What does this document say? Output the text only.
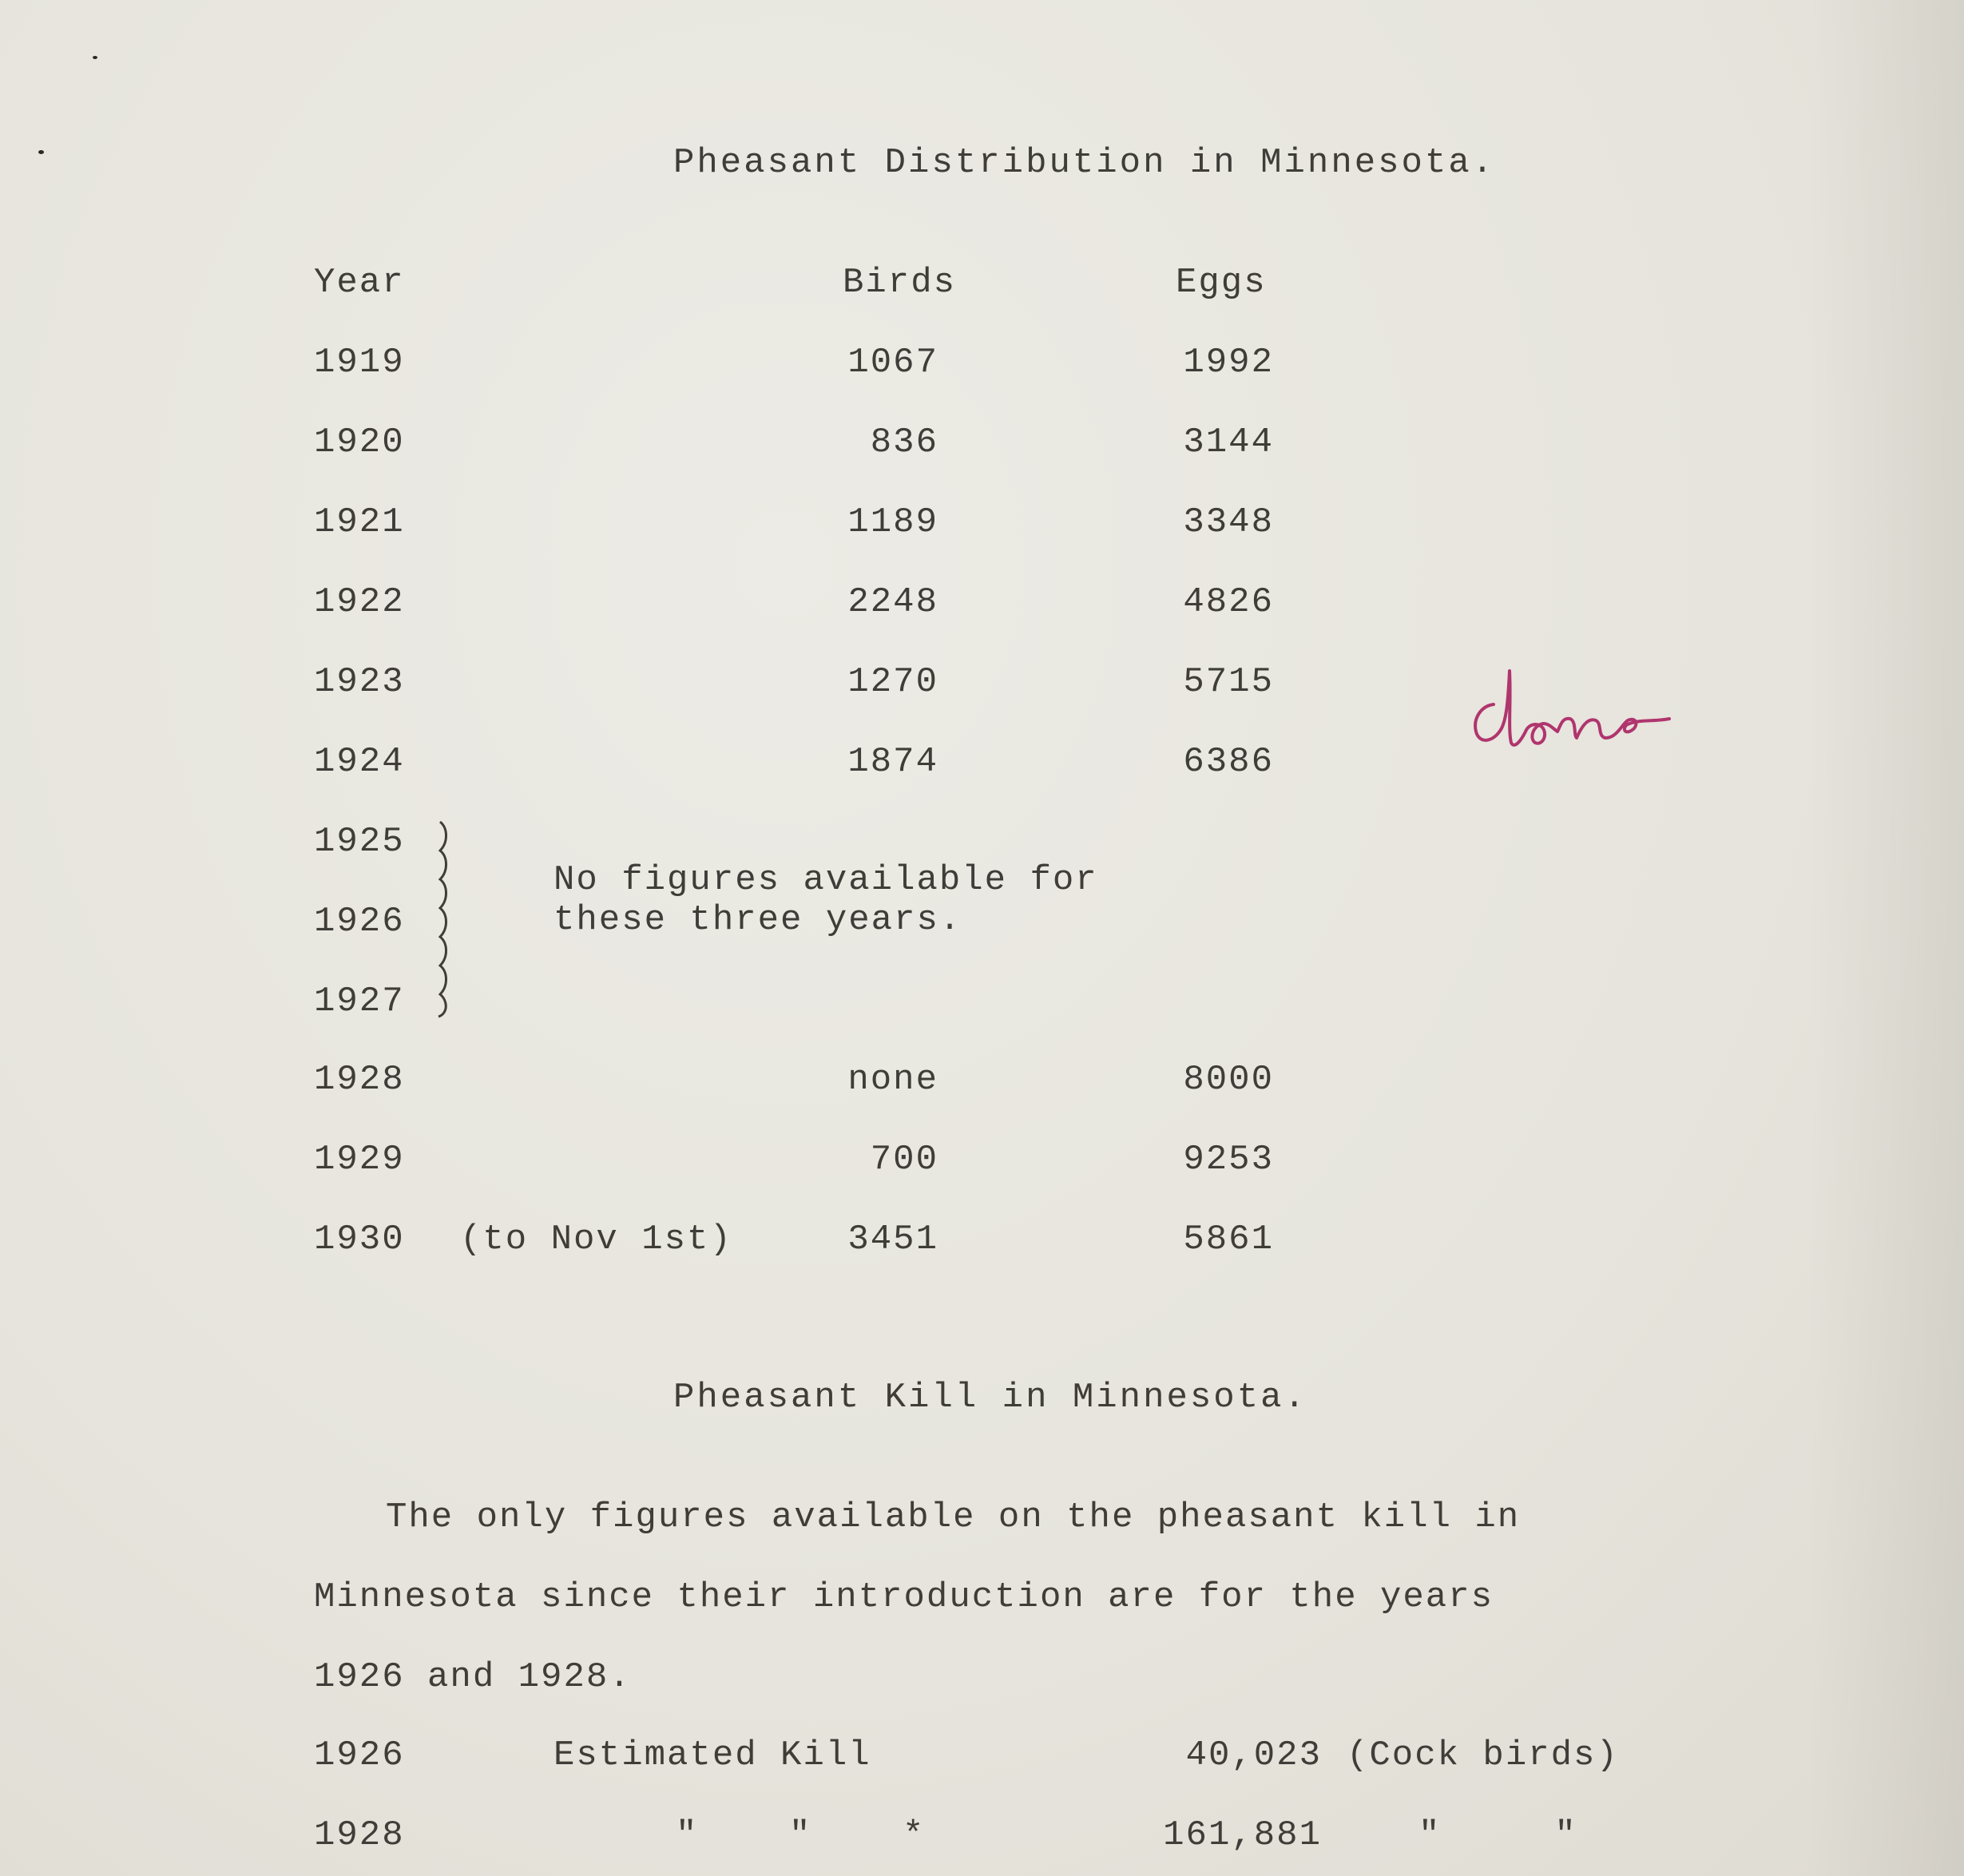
Pheasant Distribution in Minnesota.
Year	Birds	Eggs
1919	1067	1992
1920	836	3144
1921	1189	3348
1922	2248	4826
1923	1270	5715
1924	1874	6386
1925
1926
1927
No figures available for
these three years.
1928	none	8000
1929	700	9253
1930 (to Nov 1st)	3451	5861
Pheasant Kill in Minnesota.
The only figures available on the pheasant kill in
Minnesota since their introduction are for the years
1926 and 1928.
1926	Estimated Kill	40,023 (Cock birds)
1928	"    "    *	161,881	"     "
